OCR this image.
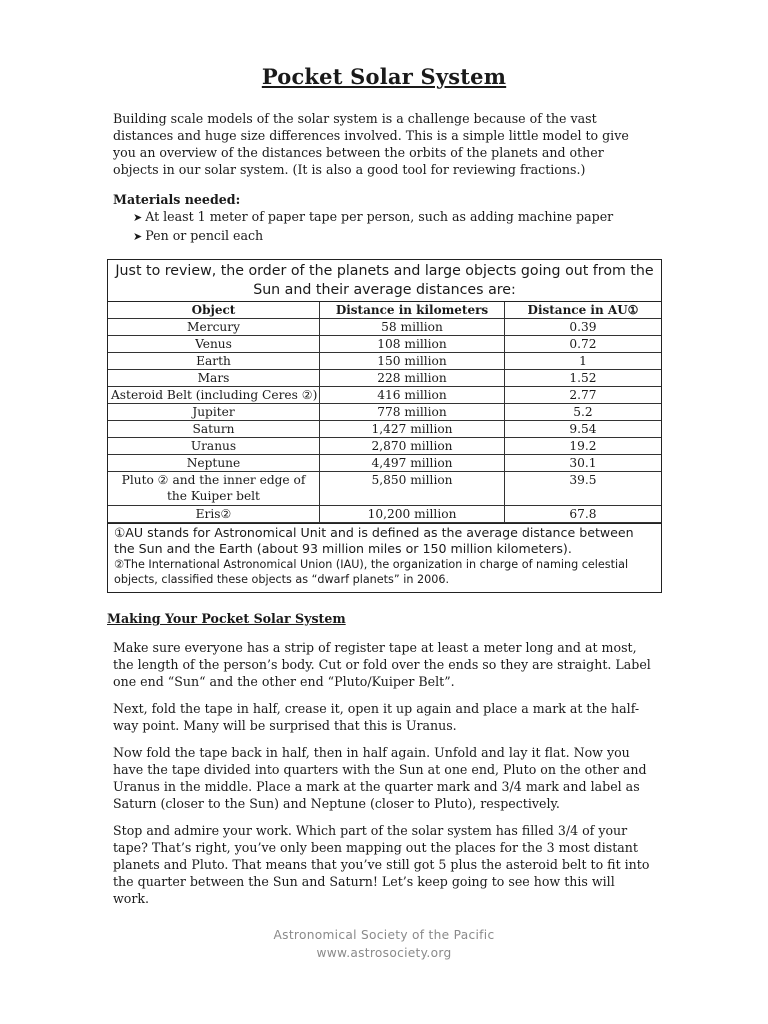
Pocket Solar System

Building scale models of the solar system is a challenge because of the vast distances and huge size differences involved. This is a simple little model to give you an overview of the distances between the orbits of the planets and other objects in our solar system. (It is also a good tool for reviewing fractions.)

Materials needed:

➤ At least 1 meter of paper tape per person, such as adding machine paper
➤ Pen or pencil each
Just to review, the order of the planets and large objects going out from the Sun and their average distances are:
Object	Distance in kilometers	Distance in AU①
Mercury	58 million	0.39
Venus	108 million	0.72
Earth	150 million	1
Mars	228 million	1.52
Asteroid Belt (including Ceres ②)	416 million	2.77
Jupiter	778 million	5.2
Saturn	1,427 million	9.54
Uranus	2,870 million	19.2
Neptune	4,497 million	30.1
Pluto ② and the inner edge of the Kuiper belt	5,850 million	39.5
Eris②	10,200 million	67.8

①AU stands for Astronomical Unit and is defined as the average distance between the Sun and the Earth (about 93 million miles or 150 million kilometers).

②The International Astronomical Union (IAU), the organization in charge of naming celestial objects, classified these objects as “dwarf planets” in 2006.

Making Your Pocket Solar System

Make sure everyone has a strip of register tape at least a meter long and at most, the length of the person’s body. Cut or fold over the ends so they are straight. Label one end “Sun“ and the other end “Pluto/Kuiper Belt”.

Next, fold the tape in half, crease it, open it up again and place a mark at the half-way point. Many will be surprised that this is Uranus.

Now fold the tape back in half, then in half again. Unfold and lay it flat. Now you have the tape divided into quarters with the Sun at one end, Pluto on the other and Uranus in the middle. Place a mark at the quarter mark and 3/4 mark and label as Saturn (closer to the Sun) and Neptune (closer to Pluto), respectively.

Stop and admire your work. Which part of the solar system has filled 3/4 of your tape? That’s right, you’ve only been mapping out the places for the 3 most distant planets and Pluto. That means that you’ve still got 5 plus the asteroid belt to fit into the quarter between the Sun and Saturn! Let’s keep going to see how this will work.

Astronomical Society of the Pacific
www.astrosociety.org
